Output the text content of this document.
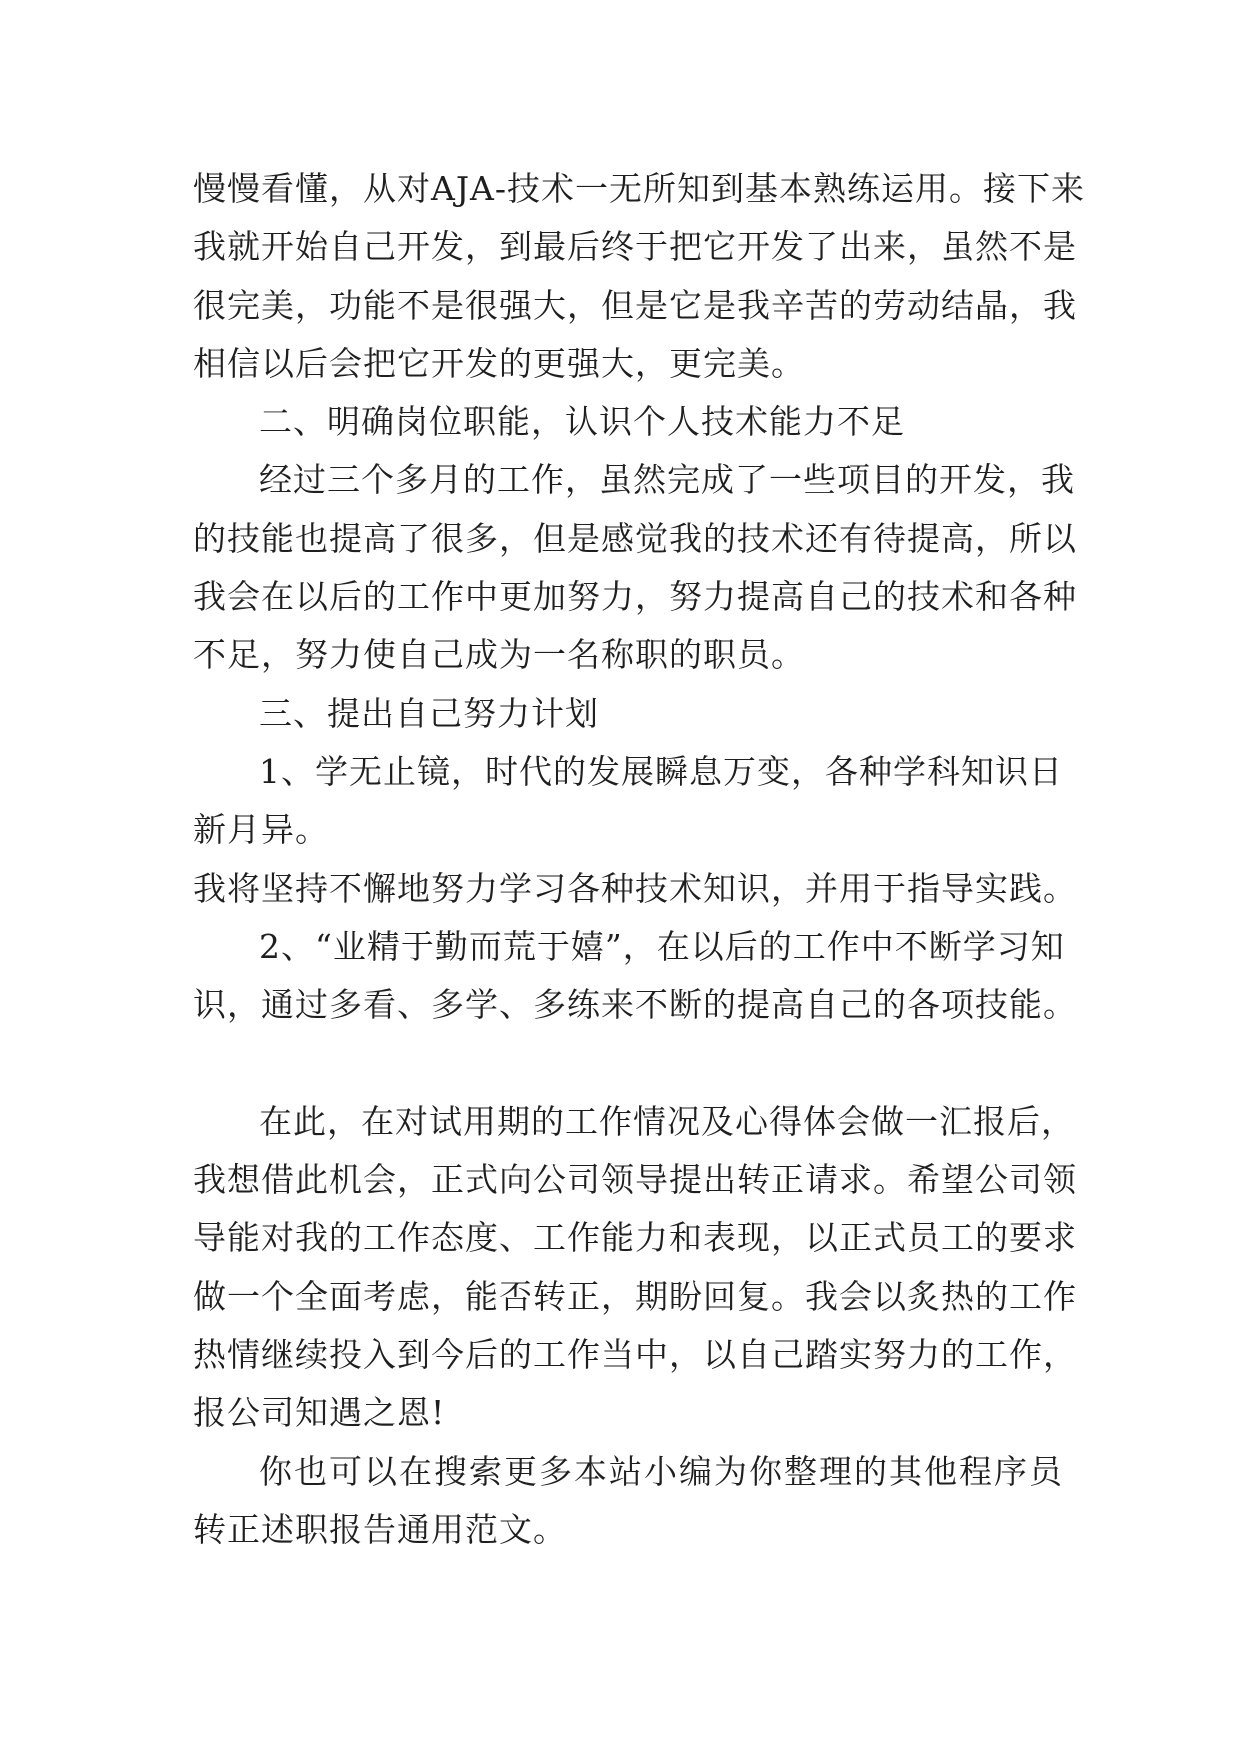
慢慢看懂，从对AJA-技术一无所知到基本熟练运用。接下来
我就开始自己开发，到最后终于把它开发了出来，虽然不是
很完美，功能不是很强大，但是它是我辛苦的劳动结晶，我
相信以后会把它开发的更强大，更完美。
二、明确岗位职能，认识个人技术能力不足
经过三个多月的工作，虽然完成了一些项目的开发，我
的技能也提高了很多，但是感觉我的技术还有待提高，所以
我会在以后的工作中更加努力，努力提高自己的技术和各种
不足，努力使自己成为一名称职的职员。
三、提出自己努力计划
1、学无止镜，时代的发展瞬息万变，各种学科知识日
新月异。
我将坚持不懈地努力学习各种技术知识，并用于指导实践。
2、“业精于勤而荒于嬉”，在以后的工作中不断学习知
识，通过多看、多学、多练来不断的提高自己的各项技能。
在此，在对试用期的工作情况及心得体会做一汇报后，
我想借此机会，正式向公司领导提出转正请求。希望公司领
导能对我的工作态度、工作能力和表现，以正式员工的要求
做一个全面考虑，能否转正，期盼回复。我会以炙热的工作
热情继续投入到今后的工作当中，以自己踏实努力的工作，
报公司知遇之恩!
你也可以在搜索更多本站小编为你整理的其他程序员
转正述职报告通用范文。
